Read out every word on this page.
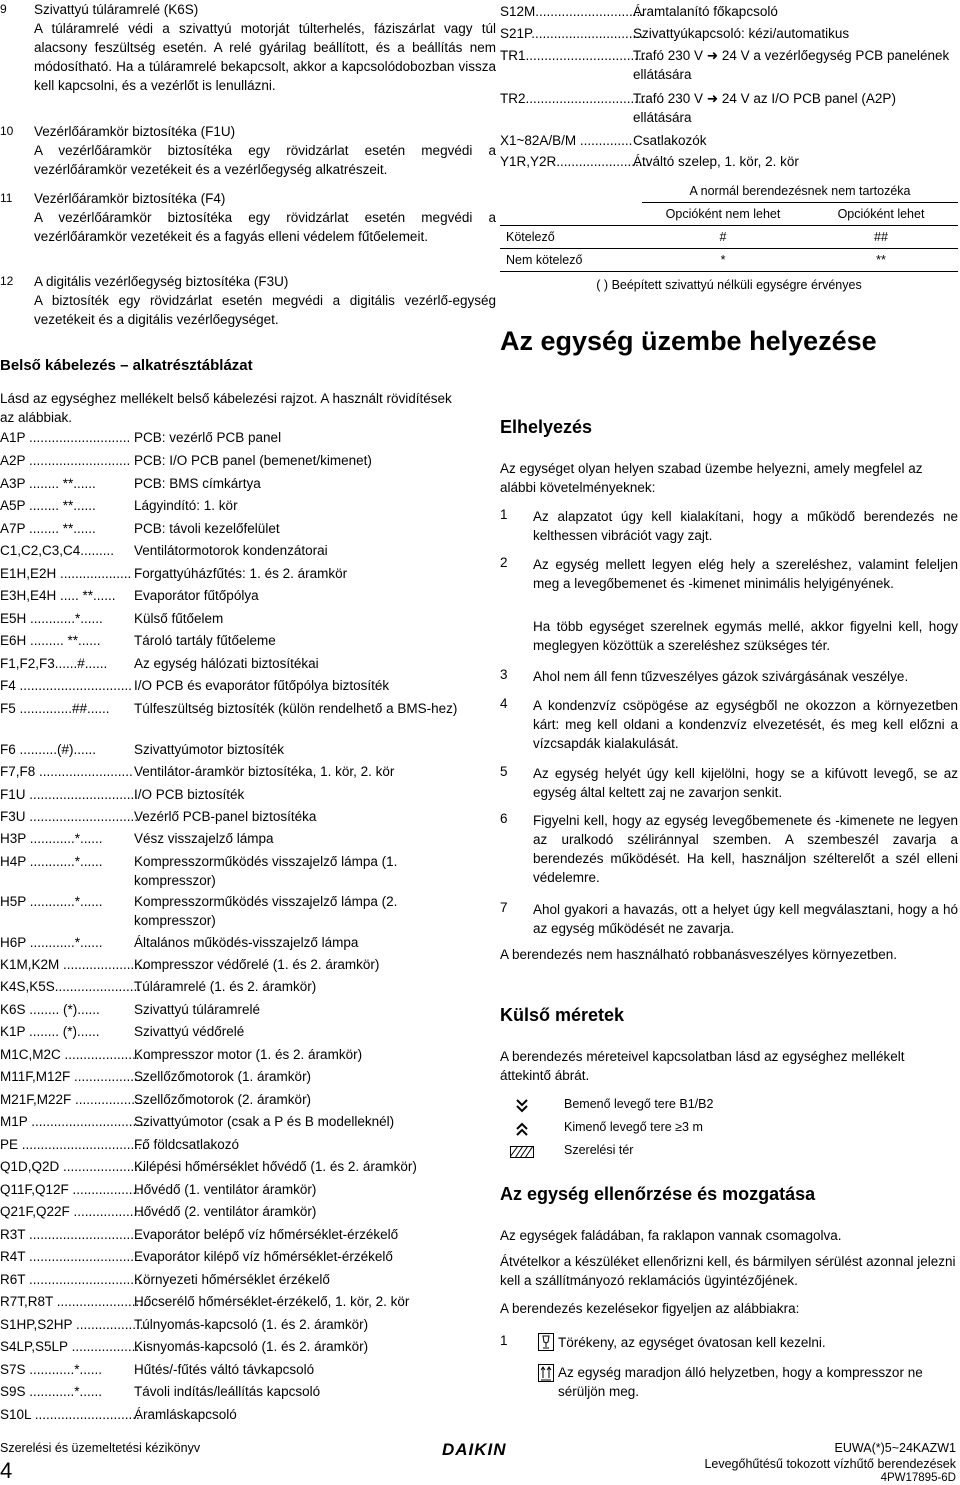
9 Szivattyú túláramrelé (K6S)
A túláramrelé védi a szivattyú motorját túlterhelés, fáziszárlat vagy túl alacsony feszültség esetén. A relé gyárilag beállított, és a beállítás nem módosítható. Ha a túláramrelé bekapcsolt, akkor a kapcsolódobozban vissza kell kapcsolni, és a vezérlőt is lenullázni.
10 Vezérlőáramkör biztosítéka (F1U)
A vezérlőáramkör biztosítéka egy rövidzárlat esetén megvédi a vezérlőáramkör vezetékeit és a vezérlőegység alkatrészeit.
11 Vezérlőáramkör biztosítéka (F4)
A vezérlőáramkör biztosítéka egy rövidzárlat esetén megvédi a vezérlőáramkör vezetékeit és a fagyás elleni védelem fűtőelemeit.
12 A digitális vezérlőegység biztosítéka (F3U)
A biztosíték egy rövidzárlat esetén megvédi a digitális vezérlő-egység vezetékeit és a digitális vezérlőegységet.
Belső kábelezés – alkatrésztáblázat
Lásd az egységhez mellékelt belső kábelezési rajzot. A használt rövidítések az alábbiak.
A1P ........................... PCB: vezérlő PCB panel
A2P ........................... PCB: I/O PCB panel (bemenet/kimenet)
A3P ........ **......	PCB: BMS címkártya
A5P ........ **......	Lágyindító: 1. kör
A7P ........ **......	PCB: távoli kezelőfelület
C1,C2,C3,C4......... Ventilátormotorok kondenzátorai
E1H,E2H ................... Forgattyúházfűtés: 1. és 2. áramkör
E3H,E4H ..... **...... Evaporátor fűtőpólya
E5H ............*...... Külső fűtőelem
E6H ......... **...... Tároló tartály fűtőeleme
F1,F2,F3......#...... Az egység hálózati biztosítékai
F4 .............................. I/O PCB és evaporátor fűtőpólya biztosíték
F5 ..............##...... Túlfeszültség biztosíték (külön rendelhető a BMS-hez)
F6 ..........(#)......	Szivattyúmotor biztosíték
F7,F8 ......................... Ventilátor-áramkör biztosítéka, 1. kör, 2. kör
F1U .............................
I/O PCB biztosíték
F3U .............................
Vezérlő PCB-panel biztosítéka
H3P ............*...... Vész visszajelző lámpa
H4P ............*...... Kompresszorműködés visszajelző lámpa (1. kompresszor)
H5P ............*...... Kompresszorműködés visszajelző lámpa (2. kompresszor)
H6P ............*...... Általános működés-visszajelző lámpa
K1M,K2M .......................
Kompresszor védőrelé (1. és 2. áramkör)
K4S,K5S.......................
Túláramrelé (1. és 2. áramkör)
K6S ........ (*)......	Szivattyú túláramrelé
K1P ........ (*)......	Szivattyú védőrelé
M1C,M2C .......................
Kompresszor motor (1. és 2. áramkör)
M11F,M12F ...................
Szellőzőmotorok (1. áramkör)
M21F,M22F ...................
Szellőzőmotorok (2. áramkör)
M1P ..............................
Szivattyúmotor (csak a P és B modelleknél)
PE ..................................
Fő földcsatlakozó
Q1D,Q2D .......................
Kilépési hőmérséklet hővédő (1. és 2. áramkör)
Q11F,Q12F ...................
Hővédő (1. ventilátor áramkör)
Q21F,Q22F ...................
Hővédő (2. ventilátor áramkör)
R3T ..............................
Evaporátor belépő víz hőmérséklet-érzékelő
R4T ..............................
Evaporátor kilépő víz hőmérséklet-érzékelő
R6T ..............................
Környezeti hőmérséklet érzékelő
R7T,R8T .........................
Hőcserélő hőmérséklet-érzékelő, 1. kör, 2. kör
S1HP,S2HP ...................
Túlnyomás-kapcsoló (1. és 2. áramkör)
S4LP,S5LP .....................
Kisnyomás-kapcsoló (1. és 2. áramkör)
S7S ............*...... Hűtés/-fűtés váltó távkapcsoló
S9S ............*...... Távoli indítás/leállítás kapcsoló
S10L ............................
Áramláskapcsoló
S12M.............................
Áramtalanító főkapcsoló
S21P..............................
Szivattyúkapcsoló: kézi/automatikus
TR1.................................
Trafó 230 V ➜ 24 V a vezérlőegység PCB panelének ellátására
TR2.................................
Trafó 230 V ➜ 24 V az I/O PCB panel (A2P) ellátására
X1~82A/B/M .............. Csatlakozók
Y1R,Y2R.........................
Átváltó szelep, 1. kör, 2. kör
	A normál berendezésnek nem tartozéka	
	Opcióként nem lehet	Opcióként lehet
Kötelező	#	##
Nem kötelező	*	**
( ) Beépített szivattyú nélküli egységre érvényes
Az egység üzembe helyezése
Elhelyezés
Az egységet olyan helyen szabad üzembe helyezni, amely megfelel az alábbi követelményeknek:
1 Az alapzatot úgy kell kialakítani, hogy a működő berendezés ne kelthessen vibrációt vagy zajt.
2 Az egység mellett legyen elég hely a szereléshez, valamint feleljen meg a levegőbemenet és -kimenet minimális helyigényének.
Ha több egységet szerelnek egymás mellé, akkor figyelni kell, hogy meglegyen közöttük a szereléshez szükséges tér.
3 Ahol nem áll fenn tűzveszélyes gázok szivárgásának veszélye.
4 A kondenzvíz csöpögése az egységből ne okozzon a környezetben kárt: meg kell oldani a kondenzvíz elvezetését, és meg kell előzni a vízcsapdák kialakulását.
5 Az egység helyét úgy kell kijelölni, hogy se a kifúvott levegő, se az egység által keltett zaj ne zavarjon senkit.
6 Figyelni kell, hogy az egység levegőbemenete és -kimenete ne legyen az uralkodó széliránnyal szemben. A szembeszél zavarja a berendezés működését. Ha kell, használjon szélterelőt a szél elleni védelemre.
7 Ahol gyakori a havazás, ott a helyet úgy kell megválasztani, hogy a hó az egység működését ne zavarja.
A berendezés nem használható robbanásveszélyes környezetben.
Külső méretek
A berendezés méreteivel kapcsolatban lásd az egységhez mellékelt áttekintő ábrát.
Bemenő levegő tere B1/B2
Kimenő levegő tere ≥3 m
Szerelési tér
Az egység ellenőrzése és mozgatása
Az egységek faládában, fa raklapon vannak csomagolva.
Átvételkor a készüléket ellenőrizni kell, és bármilyen sérülést azonnal jelezni kell a szállítmányozó reklamációs ügyintézőjének.
A berendezés kezelésekor figyeljen az alábbiakra:
1	Törékeny, az egységet óvatosan kell kezelni.
Az egység maradjon álló helyzetben, hogy a kompresszor ne sérüljön meg.
Szerelési és üzemeltetési kézikönyv
4
DAIKIN	EUWA(*)5~24KAZW1
Levegőhűtésű tokozott vízhűtő berendezések
4PW17895-6D
